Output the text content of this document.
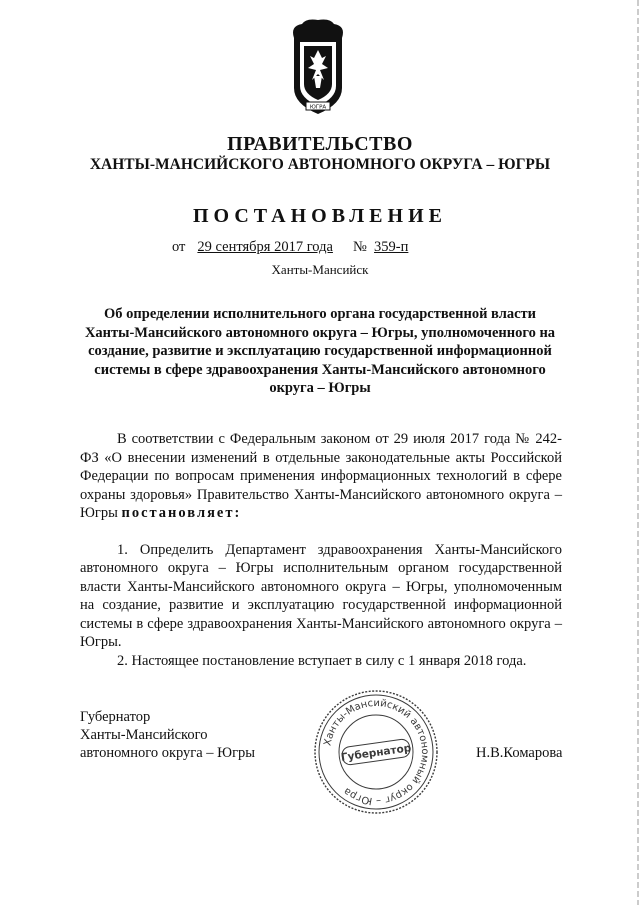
ЮГРА
ПРАВИТЕЛЬСТВО
ХАНТЫ-МАНСИЙСКОГО АВТОНОМНОГО ОКРУГА – ЮГРЫ
ПОСТАНОВЛЕНИЕ
от 29 сентября 2017 года № 359-п
Ханты-Мансийск
Об определении исполнительного органа государственной власти Ханты-Мансийского автономного округа – Югры, уполномоченного на создание, развитие и эксплуатацию государственной информационной системы в сфере здравоохранения Ханты-Мансийского автономного округа – Югры

В соответствии с Федеральным законом от 29 июля 2017 года № 242-ФЗ «О внесении изменений в отдельные законодательные акты Российской Федерации по вопросам применения информационных технологий в сфере охраны здоровья» Правительство Ханты-Мансийского автономного округа – Югры постановляет:

1. Определить Департамент здравоохранения Ханты-Мансийского автономного округа – Югры исполнительным органом государственной власти Ханты-Мансийского автономного округа – Югры, уполномоченным на создание, развитие и эксплуатацию государственной информационной системы в сфере здравоохранения Ханты-Мансийского автономного округа – Югры.

2. Настоящее постановление вступает в силу с 1 января 2018 года.

Губернатор
Ханты-Мансийского
автономного округа – Югры
Ханты-Мансийский автономный округ – Югра
Губернатор	Н.В.Комарова
